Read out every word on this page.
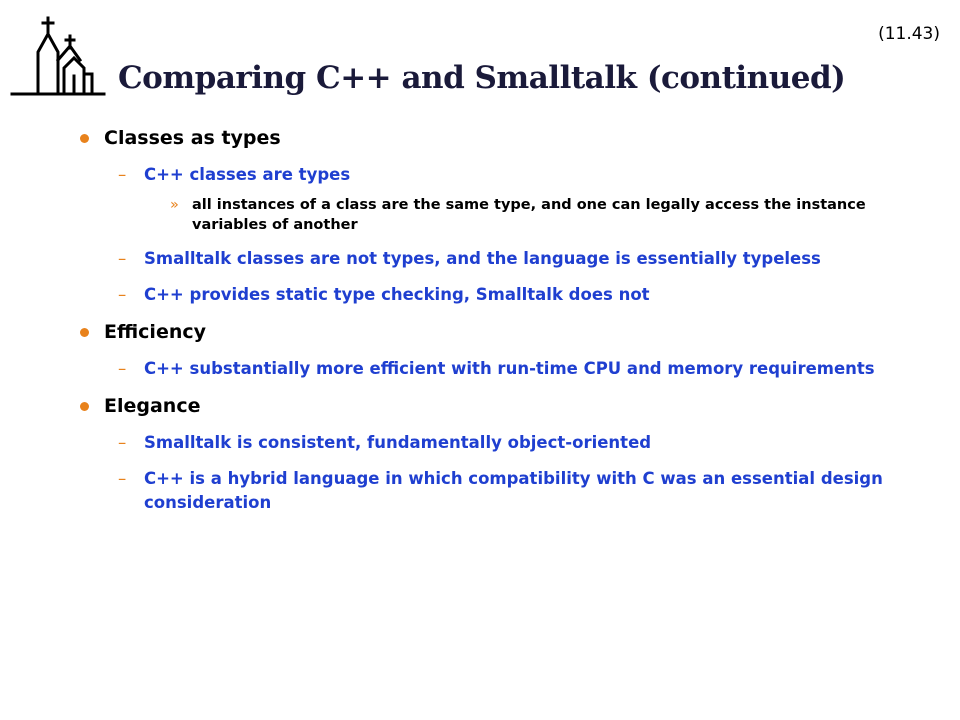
(11.43)
Comparing C++ and Smalltalk (continued)
Classes as types
– C++ classes are types
» all instances of a class are the same type, and one can legally access the instance variables of another
– Smalltalk classes are not types, and the language is essentially typeless
– C++ provides static type checking, Smalltalk does not
Efficiency
– C++ substantially more efficient with run-time CPU and memory requirements
Elegance
– Smalltalk is consistent, fundamentally object-oriented
– C++ is a hybrid language in which compatibility with C was an essential design consideration
